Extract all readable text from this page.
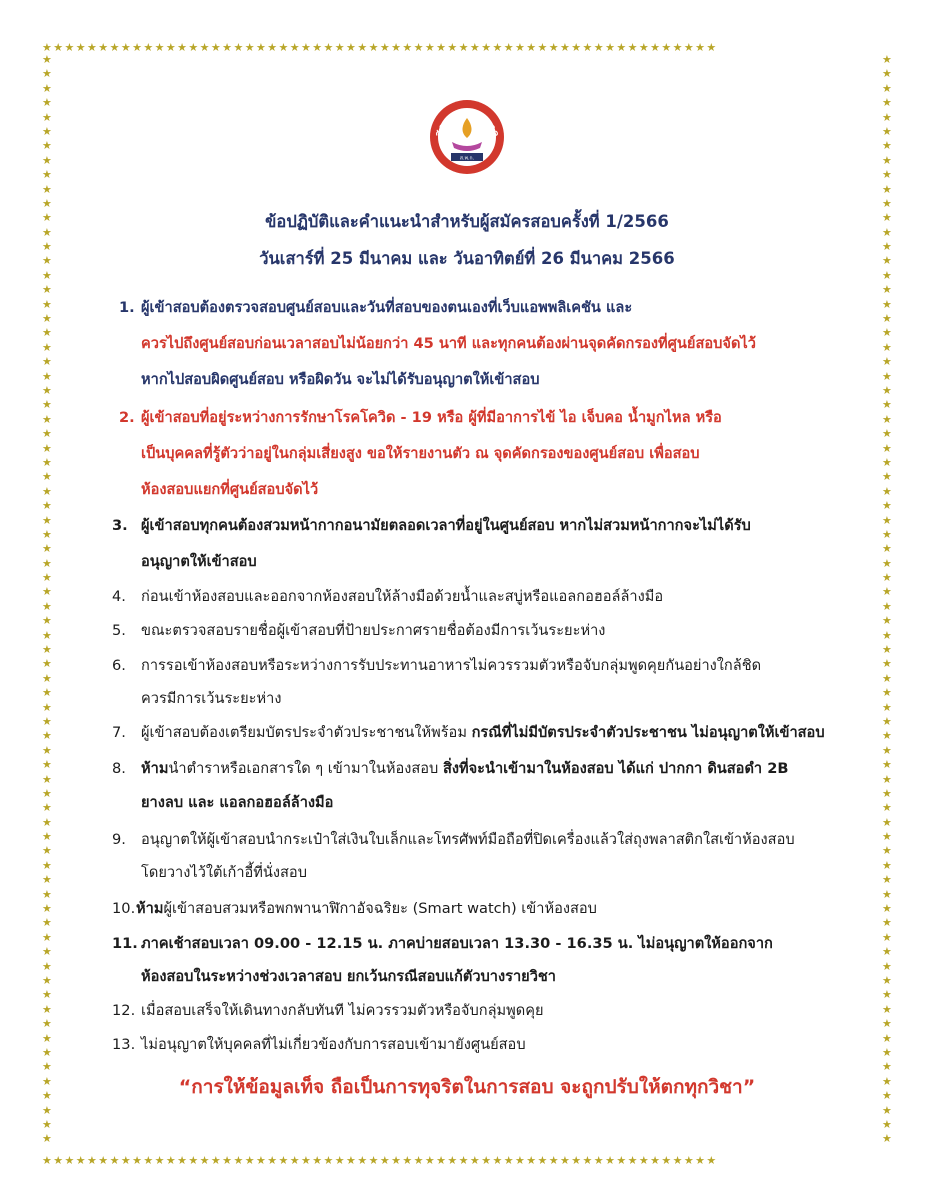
★★★★★★★★★★★★★★★★★★★★★★★★★★★★★★★★★★★★★★★★★★★★★★★★★★★★★★★★★★★★
★
★
★
★
★
★
★
★
★
★
★
★
★
★
★
★
★
★
★
★
★
★
★
★
★
★
★
★
★
★
★
★
★
★
★
★
★
★
★
★
★
★
★
★
★
★
★
★
★
★
★
★
★
★
★
★
★
★
★
★
★
★
★
★
★
★
★
★
★
★
★
★
★
★
★
★
★
★
★
★
★
★
★
★
★
★
★
★
★
★
★
★
★
★
★
★
★
★
★
★
★
★
★
★
★
★
★
★
★
★
★
★
★
★
★
★
★
★
★
★
★
★
★
★
★
★
★
★
★
★
★
★
★
★
★
★
★
★
★
★
★
★
★
★
★
★
★
★
★
★
★
★
★★★★★★★★★★★★★★★★★★★★★★★★★★★★★★★★★★★★★★★★★★★★★★★★★★★★★★★★★★★★
สภาการพยาบาล
ส.พ.ก.
ข้อปฏิบัติและคำแนะนำสำหรับผู้สมัครสอบครั้งที่ 1/2566
วันเสาร์ที่ 25 มีนาคม และ วันอาทิตย์ที่ 26 มีนาคม 2566
1. ผู้เข้าสอบต้องตรวจสอบศูนย์สอบและวันที่สอบของตนเองที่เว็บแอพพลิเคชัน และ
ควรไปถึงศูนย์สอบก่อนเวลาสอบไม่น้อยกว่า 45 นาที และทุกคนต้องผ่านจุดคัดกรองที่ศูนย์สอบจัดไว้
หากไปสอบผิดศูนย์สอบ หรือผิดวัน จะไม่ได้รับอนุญาตให้เข้าสอบ
2. ผู้เข้าสอบที่อยู่ระหว่างการรักษาโรคโควิด - 19 หรือ ผู้ที่มีอาการไข้ ไอ เจ็บคอ น้ำมูกไหล หรือ
เป็นบุคคลที่รู้ตัวว่าอยู่ในกลุ่มเสี่ยงสูง ขอให้รายงานตัว ณ จุดคัดกรองของศูนย์สอบ เพื่อสอบ
ห้องสอบแยกที่ศูนย์สอบจัดไว้
3. ผู้เข้าสอบทุกคนต้องสวมหน้ากากอนามัยตลอดเวลาที่อยู่ในศูนย์สอบ หากไม่สวมหน้ากากจะไม่ได้รับ
อนุญาตให้เข้าสอบ
4. ก่อนเข้าห้องสอบและออกจากห้องสอบให้ล้างมือด้วยน้ำและสบู่หรือแอลกอฮอล์ล้างมือ
5. ขณะตรวจสอบรายชื่อผู้เข้าสอบที่ป้ายประกาศรายชื่อต้องมีการเว้นระยะห่าง
6. การรอเข้าห้องสอบหรือระหว่างการรับประทานอาหารไม่ควรรวมตัวหรือจับกลุ่มพูดคุยกันอย่างใกล้ชิด
ควรมีการเว้นระยะห่าง
7. ผู้เข้าสอบต้องเตรียมบัตรประจำตัวประชาชนให้พร้อม กรณีที่ไม่มีบัตรประจำตัวประชาชน ไม่อนุญาตให้เข้าสอบ
8. ห้ามนำตำราหรือเอกสารใด ๆ เข้ามาในห้องสอบ สิ่งที่จะนำเข้ามาในห้องสอบ ได้แก่ ปากกา ดินสอดำ 2B
ยางลบ และ แอลกอฮอล์ล้างมือ
9. อนุญาตให้ผู้เข้าสอบนำกระเป๋าใส่เงินใบเล็กและโทรศัพท์มือถือที่ปิดเครื่องแล้วใส่ถุงพลาสติกใสเข้าห้องสอบ
โดยวางไว้ใต้เก้าอี้ที่นั่งสอบ
10. ห้ามผู้เข้าสอบสวมหรือพกพานาฬิกาอัจฉริยะ (Smart watch) เข้าห้องสอบ
11. ภาคเช้าสอบเวลา 09.00 - 12.15 น. ภาคบ่ายสอบเวลา 13.30 - 16.35 น. ไม่อนุญาตให้ออกจาก
ห้องสอบในระหว่างช่วงเวลาสอบ ยกเว้นกรณีสอบแก้ตัวบางรายวิชา
12. เมื่อสอบเสร็จให้เดินทางกลับทันที ไม่ควรรวมตัวหรือจับกลุ่มพูดคุย
13. ไม่อนุญาตให้บุคคลที่ไม่เกี่ยวข้องกับการสอบเข้ามายังศูนย์สอบ
“การให้ข้อมูลเท็จ ถือเป็นการทุจริตในการสอบ จะถูกปรับให้ตกทุกวิชา”
